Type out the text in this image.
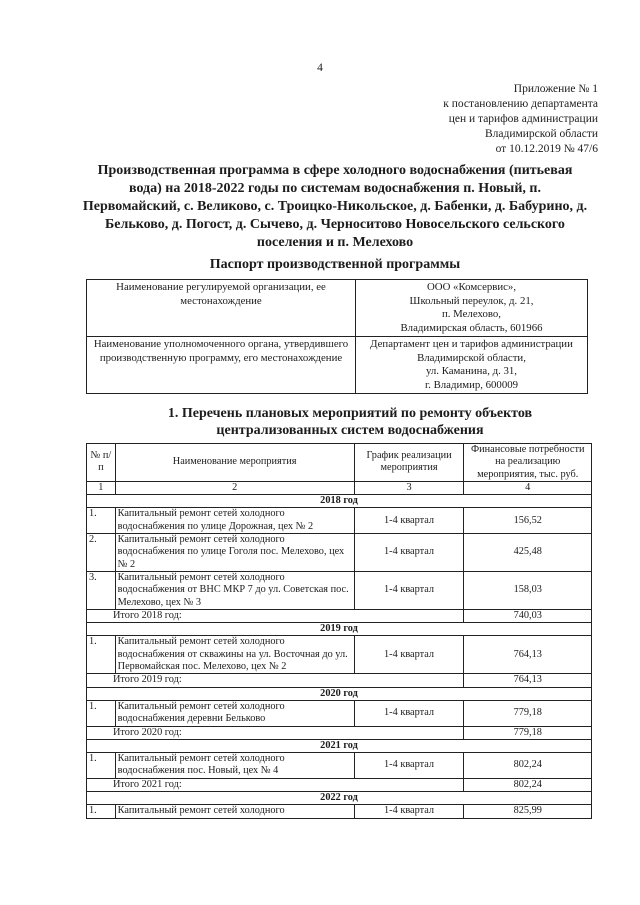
4
Приложение № 1
к постановлению департамента
цен и тарифов администрации
Владимирской области
от 10.12.2019 № 47/6
Производственная программа в сфере холодного водоснабжения (питьевая вода) на 2018-2022 годы по системам водоснабжения п. Новый, п. Первомайский, с. Великово, с. Троицко-Никольское, д. Бабенки, д. Бабурино, д. Бельково, д. Погост, д. Сычево, д. Черноситово Новосельского сельского поселения и п. Мелехово
Паспорт производственной программы
Наименование регулируемой организации, ее местонахождение	ООО «Комсервис»,
Школьный переулок, д. 21,
п. Мелехово,
Владимирская область, 601966

Наименование уполномоченного органа, утвердившего производственную программу, его местонахождение	Департамент цен и тарифов администрации
Владимирской области,
ул. Каманина, д. 31,
г. Владимир, 600009
1. Перечень плановых мероприятий по ремонту объектов
централизованных систем водоснабжения
№ п/п	Наименование мероприятия	График реализации мероприятия	Финансовые потребности на реализацию мероприятия, тыс. руб.
1	2	3	4
2018 год			
1.	Капитальный ремонт сетей холодного водоснабжения по улице Дорожная, цех № 2	1-4 квартал	156,52
2.	Капитальный ремонт сетей холодного водоснабжения по улице Гоголя пос. Мелехово, цех № 2	1-4 квартал	425,48
3.	Капитальный ремонт сетей холодного водоснабжения от ВНС МКР 7 до ул. Советская пос. Мелехово, цех № 3	1-4 квартал	158,03
Итого 2018 год:			740,03
2019 год			
1.	Капитальный ремонт сетей холодного водоснабжения от скважины на ул. Восточная до ул. Первомайская пос. Мелехово, цех № 2	1-4 квартал	764,13
Итого 2019 год:			764,13
2020 год			
1.	Капитальный ремонт сетей холодного водоснабжения деревни Бельково	1-4 квартал	779,18
Итого 2020 год:			779,18
2021 год			
1.	Капитальный ремонт сетей холодного водоснабжения пос. Новый, цех № 4	1-4 квартал	802,24
Итого 2021 год:			802,24
2022 год			
1.	Капитальный ремонт сетей холодного	1-4 квартал	825,99
